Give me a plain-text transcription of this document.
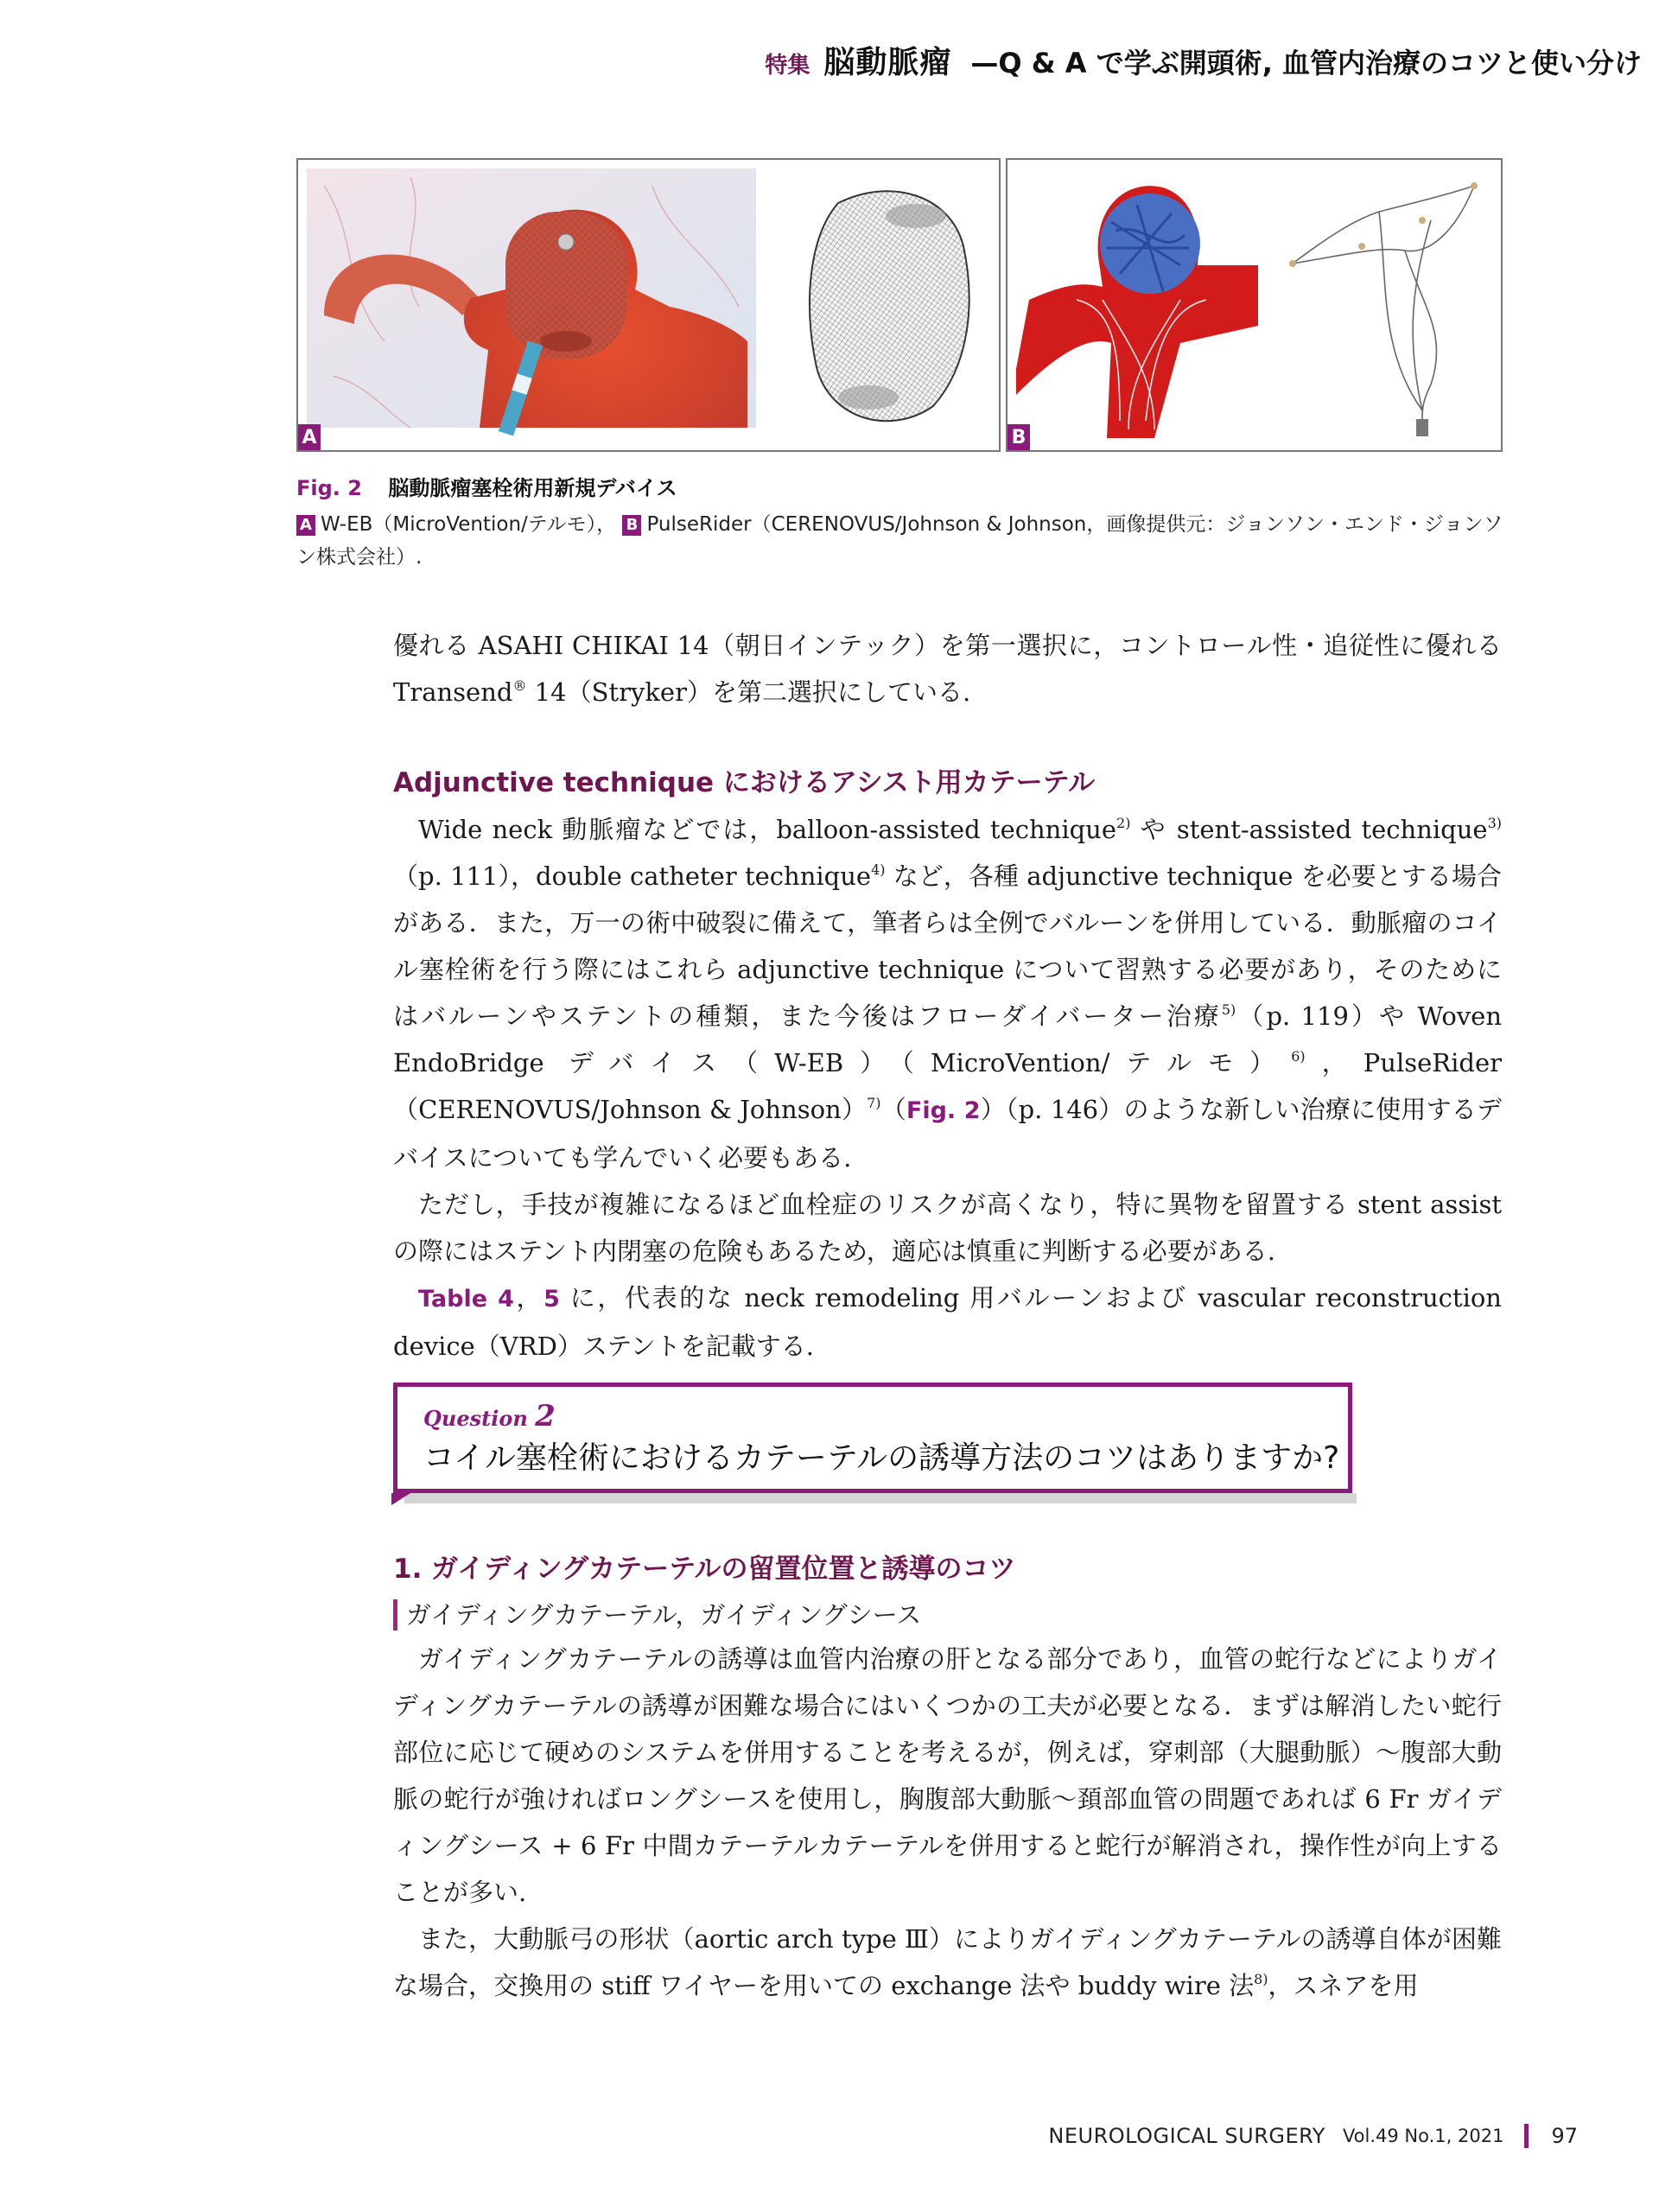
特集 脳動脈瘤 —Q & A で学ぶ開頭術, 血管内治療のコツと使い分け
A	B
Fig. 2 脳動脈瘤塞栓術用新規デバイス
A W-EB（MicroVention/テルモ）， B PulseRider（CERENOVUS/Johnson & Johnson，画像提供元：ジョンソン・エンド・ジョンソン株式会社）.

優れる ASAHI CHIKAI 14（朝日インテック）を第一選択に，コントロール性・追従性に優れる Transend® 14（Stryker）を第二選択にしている.

Adjunctive technique におけるアシスト用カテーテル

Wide neck 動脈瘤などでは，balloon-assisted technique$^{2)}$ や stent-assisted technique$^{3)}$（p. 111），double catheter technique$^{4)}$ など，各種 adjunctive technique を必要とする場合がある．また，万一の術中破裂に備えて，筆者らは全例でバルーンを併用している．動脈瘤のコイル塞栓術を行う際にはこれら adjunctive technique について習熟する必要があり，そのためにはバルーンやステントの種類，また今後はフローダイバーター治療$^{5)}$（p. 119）や Woven EndoBridge デバイス（W-EB）（MicroVention/テルモ）$^{6)}$，PulseRider（CERENOVUS/Johnson & Johnson）$^{7)}$（Fig. 2）（p. 146）のような新しい治療に使用するデバイスについても学んでいく必要もある.

ただし，手技が複雑になるほど血栓症のリスクが高くなり，特に異物を留置する stent assist の際にはステント内閉塞の危険もあるため，適応は慎重に判断する必要がある.

Table 4，5 に，代表的な neck remodeling 用バルーンおよび vascular reconstruction device（VRD）ステントを記載する.

Question 2
コイル塞栓術におけるカテーテルの誘導方法のコツはありますか?
1. ガイディングカテーテルの留置位置と誘導のコツ
ガイディングカテーテル，ガイディングシース

ガイディングカテーテルの誘導は血管内治療の肝となる部分であり，血管の蛇行などによりガイディングカテーテルの誘導が困難な場合にはいくつかの工夫が必要となる．まずは解消したい蛇行部位に応じて硬めのシステムを併用することを考えるが，例えば，穿刺部（大腿動脈）～腹部大動脈の蛇行が強ければロングシースを使用し，胸腹部大動脈～頚部血管の問題であれば 6 Fr ガイディングシース + 6 Fr 中間カテーテルカテーテルを併用すると蛇行が解消され，操作性が向上することが多い.

また，大動脈弓の形状（aortic arch type Ⅲ）によりガイディングカテーテルの誘導自体が困難な場合，交換用の stiff ワイヤーを用いての exchange 法や buddy wire 法$^{8)}$，スネアを用

NEUROLOGICAL SURGERY Vol.49 No.1, 2021 97
